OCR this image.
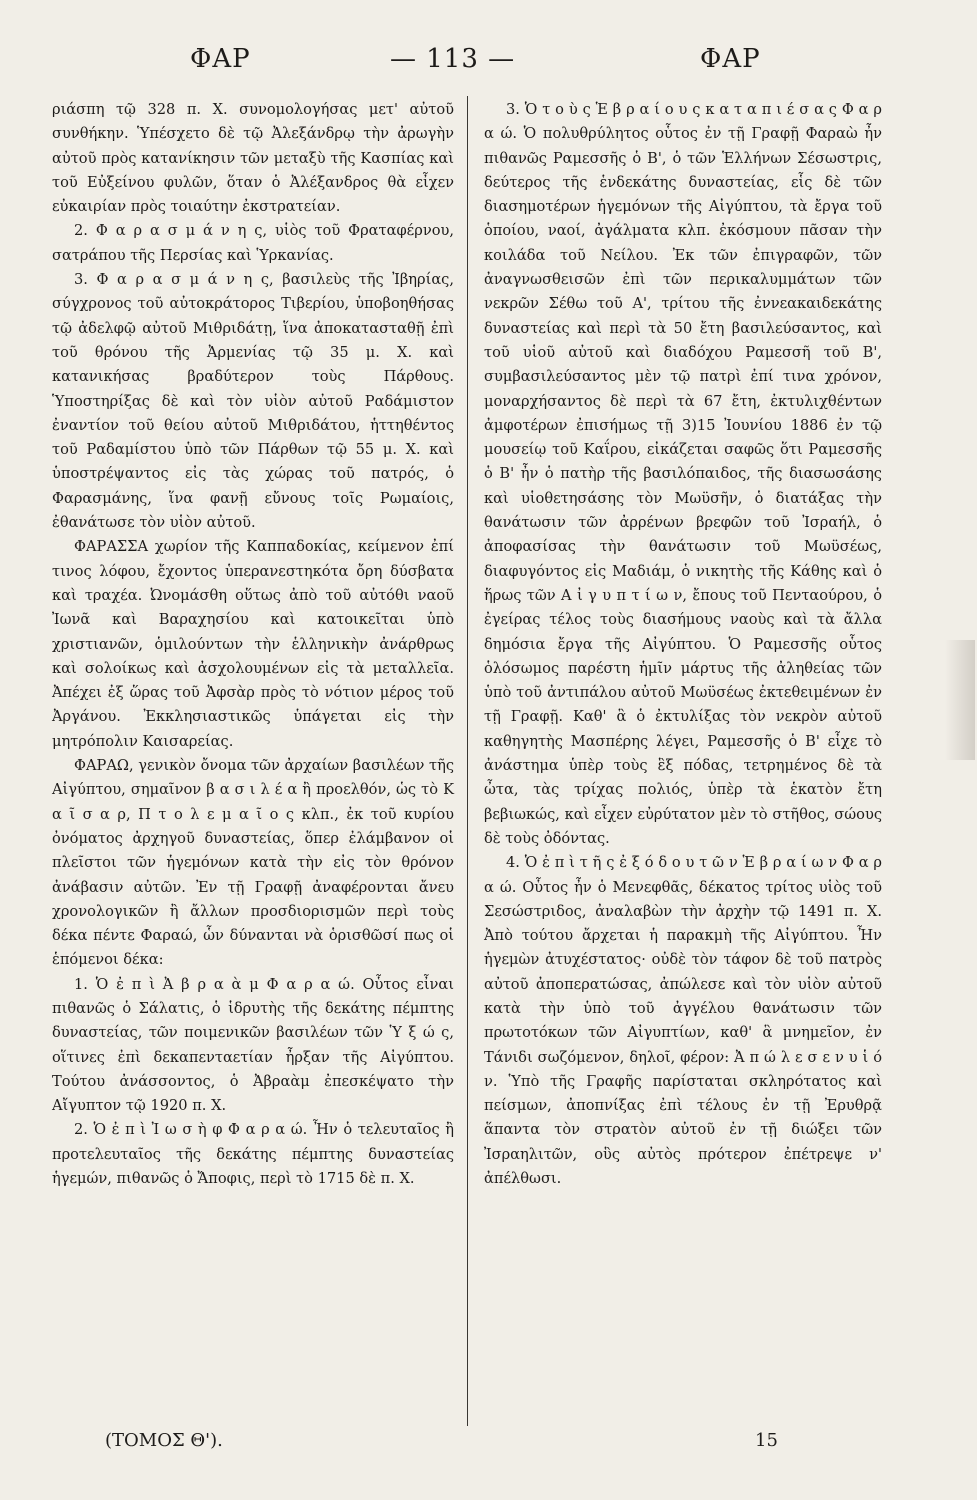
ΦΑΡ	— 113 —	ΦΑΡ

ριάσπη τῷ 328 π. Χ. συνομολογήσας μετ' αὐτοῦ συνθήκην. Ὑπέσχετο δὲ τῷ Ἀλεξάνδρῳ τὴν ἀρωγὴν αὐτοῦ πρὸς κατανίκησιν τῶν μεταξὺ τῆς Κασπίας καὶ τοῦ Εὐξείνου φυλῶν, ὅταν ὁ Ἀλέξανδρος θὰ εἶχεν εὐκαιρίαν πρὸς τοιαύτην ἐκστρατείαν.

2. Φ α ρ α σ μ ά ν η ς, υἱὸς τοῦ Φραταφέρνου, σατράπου τῆς Περσίας καὶ Ὑρκανίας.

3. Φ α ρ α σ μ ά ν η ς, βασιλεὺς τῆς Ἰβηρίας, σύγχρονος τοῦ αὐτοκράτορος Τιβερίου, ὑποβοηθήσας τῷ ἀδελφῷ αὐτοῦ Μιθριδάτῃ, ἵνα ἀποκατασταθῇ ἐπὶ τοῦ θρόνου τῆς Ἀρμενίας τῷ 35 μ. Χ. καὶ κατανικήσας βραδύτερον τοὺς Πάρθους. Ὑποστηρίξας δὲ καὶ τὸν υἱὸν αὐτοῦ Ραδάμιστον ἐναντίον τοῦ θείου αὐτοῦ Μιθριδάτου, ἡττηθέντος τοῦ Ραδαμίστου ὑπὸ τῶν Πάρθων τῷ 55 μ. Χ. καὶ ὑποστρέψαντος εἰς τὰς χώρας τοῦ πατρός, ὁ Φαρασμάνης, ἵνα φανῇ εὔνους τοῖς Ρωμαίοις, ἐθανάτωσε τὸν υἱὸν αὐτοῦ.

ΦΑΡΑΣΣΑ χωρίον τῆς Καππαδοκίας, κείμενον ἐπί τινος λόφου, ἔχοντος ὑπερανεστηκότα ὄρη δύσβατα καὶ τραχέα. Ὠνομάσθη οὕτως ἀπὸ τοῦ αὐτόθι ναοῦ Ἰωνᾶ καὶ Βαραχησίου καὶ κατοικεῖται ὑπὸ χριστιανῶν, ὁμιλούντων τὴν ἑλληνικὴν ἀνάρθρως καὶ σολοίκως καὶ ἀσχολουμένων εἰς τὰ μεταλλεῖα. Ἀπέχει ἐξ ὥρας τοῦ Ἀφσὰρ πρὸς τὸ νότιον μέρος τοῦ Ἀργάνου. Ἐκκλησιαστικῶς ὑπάγεται εἰς τὴν μητρόπολιν Καισαρείας.

ΦΑΡΑΩ, γενικὸν ὄνομα τῶν ἀρχαίων βασιλέων τῆς Αἰγύπτου, σημαῖνον β α σ ι λ έ α ἢ προελθόν, ὡς τὸ Κ α ῖ σ α ρ, Π τ ο λ ε μ α ῖ ο ς κλπ., ἐκ τοῦ κυρίου ὀνόματος ἀρχηγοῦ δυναστείας, ὅπερ ἐλάμβανον οἱ πλεῖστοι τῶν ἡγεμόνων κατὰ τὴν εἰς τὸν θρόνον ἀνάβασιν αὐτῶν. Ἐν τῇ Γραφῇ ἀναφέρονται ἄνευ χρονολογικῶν ἢ ἄλλων προσδιορισμῶν περὶ τοὺς δέκα πέντε Φαραώ, ὧν δύνανται νὰ ὁρισθῶσί πως οἱ ἑπόμενοι δέκα:

1. Ὁ ἐ π ὶ Ἀ β ρ α ὰ μ Φ α ρ α ώ. Οὗτος εἶναι πιθανῶς ὁ Σάλατις, ὁ ἱδρυτὴς τῆς δεκάτης πέμπτης δυναστείας, τῶν ποιμενικῶν βασιλέων τῶν Ὑ ξ ώ ς, οἵτινες ἐπὶ δεκαπενταετίαν ἦρξαν τῆς Αἰγύπτου. Τούτου ἀνάσσοντος, ὁ Ἀβραὰμ ἐπεσκέψατο τὴν Αἴγυπτον τῷ 1920 π. Χ.

2. Ὁ ἐ π ὶ Ἰ ω σ ὴ φ Φ α ρ α ώ. Ἦν ὁ τελευταῖος ἢ προτελευταῖος τῆς δεκάτης πέμπτης δυναστείας ἡγεμών, πιθανῶς ὁ Ἄποφις, περὶ τὸ 1715 δὲ π. Χ.

3. Ὁ τ ο ὺ ς Ἑ β ρ α ί ο υ ς κ α τ α π ι έ σ α ς Φ α ρ α ώ. Ὁ πολυθρύλητος οὗτος ἐν τῇ Γραφῇ Φαραὼ ἦν πιθανῶς Ραμεσσῆς ὁ Β', ὁ τῶν Ἑλλήνων Σέσωστρις, δεύτερος τῆς ἑνδεκάτης δυναστείας, εἷς δὲ τῶν διασημοτέρων ἡγεμόνων τῆς Αἰγύπτου, τὰ ἔργα τοῦ ὁποίου, ναοί, ἀγάλματα κλπ. ἐκόσμουν πᾶσαν τὴν κοιλάδα τοῦ Νείλου. Ἐκ τῶν ἐπιγραφῶν, τῶν ἀναγνωσθεισῶν ἐπὶ τῶν περικαλυμμάτων τῶν νεκρῶν Σέθω τοῦ Α', τρίτου τῆς ἐννεακαιδεκάτης δυναστείας καὶ περὶ τὰ 50 ἔτη βασιλεύσαντος, καὶ τοῦ υἱοῦ αὐτοῦ καὶ διαδόχου Ραμεσσῆ τοῦ Β', συμβασιλεύσαντος μὲν τῷ πατρὶ ἐπί τινα χρόνον, μοναρχήσαντος δὲ περὶ τὰ 67 ἔτη, ἐκτυλιχθέντων ἀμφοτέρων ἐπισήμως τῇ 3)15 Ἰουνίου 1886 ἐν τῷ μουσείῳ τοῦ Καΐρου, εἰκάζεται σαφῶς ὅτι Ραμεσσῆς ὁ Β' ἦν ὁ πατὴρ τῆς βασιλόπαιδος, τῆς διασωσάσης καὶ υἱοθετησάσης τὸν Μωϋσῆν, ὁ διατάξας τὴν θανάτωσιν τῶν ἀρρένων βρεφῶν τοῦ Ἰσραήλ, ὁ ἀποφασίσας τὴν θανάτωσιν τοῦ Μωϋσέως, διαφυγόντος εἰς Μαδιάμ, ὁ νικητὴς τῆς Κάθης καὶ ὁ ἥρως τῶν Α ἰ γ υ π τ ί ω ν, ἔπους τοῦ Πενταούρου, ὁ ἐγείρας τέλος τοὺς διασήμους ναοὺς καὶ τὰ ἄλλα δημόσια ἔργα τῆς Αἰγύπτου. Ὁ Ραμεσσῆς οὗτος ὁλόσωμος παρέστη ἡμῖν μάρτυς τῆς ἀληθείας τῶν ὑπὸ τοῦ ἀντιπάλου αὐτοῦ Μωϋσέως ἐκτεθειμένων ἐν τῇ Γραφῇ. Καθ' ἃ ὁ ἐκτυλίξας τὸν νεκρὸν αὐτοῦ καθηγητὴς Μασπέρης λέγει, Ραμεσσῆς ὁ Β' εἶχε τὸ ἀνάστημα ὑπὲρ τοὺς ἓξ πόδας, τετρημένος δὲ τὰ ὦτα, τὰς τρίχας πολιός, ὑπὲρ τὰ ἑκατὸν ἔτη βεβιωκώς, καὶ εἶχεν εὐρύτατον μὲν τὸ στῆθος, σώους δὲ τοὺς ὀδόντας.

4. Ὁ ἐ π ὶ τ ῆ ς ἐ ξ ό δ ο υ τ ῶ ν Ἑ β ρ α ί ω ν Φ α ρ α ώ. Οὗτος ἦν ὁ Μενεφθᾶς, δέκατος τρίτος υἱὸς τοῦ Σεσώστριδος, ἀναλαβὼν τὴν ἀρχὴν τῷ 1491 π. Χ. Ἀπὸ τούτου ἄρχεται ἡ παρακμὴ τῆς Αἰγύπτου. Ἦν ἡγεμὼν ἀτυχέστατος· οὐδὲ τὸν τάφον δὲ τοῦ πατρὸς αὐτοῦ ἀποπερατώσας, ἀπώλεσε καὶ τὸν υἱὸν αὐτοῦ κατὰ τὴν ὑπὸ τοῦ ἀγγέλου θανάτωσιν τῶν πρωτοτόκων τῶν Αἰγυπτίων, καθ' ἃ μνημεῖον, ἐν Τάνιδι σωζόμενον, δηλοῖ, φέρον: Ἀ π ώ λ ε σ ε ν υ ἱ ό ν. Ὑπὸ τῆς Γραφῆς παρίσταται σκληρότατος καὶ πείσμων, ἀποπνίξας ἐπὶ τέλους ἐν τῇ Ἐρυθρᾷ ἅπαντα τὸν στρατὸν αὐτοῦ ἐν τῇ διώξει τῶν Ἰσραηλιτῶν, οὓς αὐτὸς πρότερον ἐπέτρεψε ν' ἀπέλθωσι.

(ΤΟΜΟΣ Θ').	15
